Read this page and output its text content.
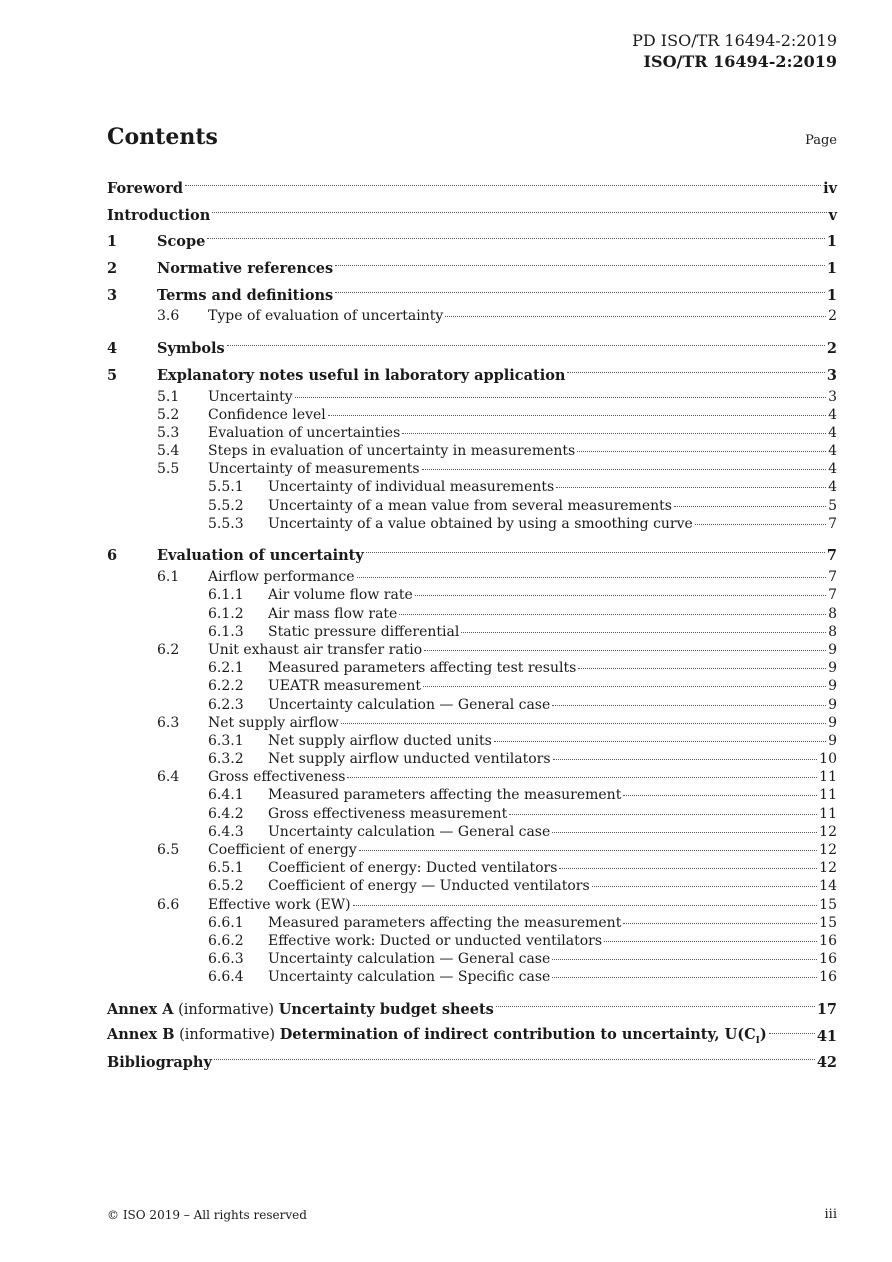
PD ISO/TR 16494-2:2019
ISO/TR 16494-2:2019
Contents	Page
Foreword	iv
Introduction	v
1	Scope	1
2	Normative references	1
3	Terms and definitions	1
3.6	Type of evaluation of uncertainty	2
4	Symbols	2
5	Explanatory notes useful in laboratory application	3
5.1	Uncertainty	3
5.2	Confidence level	4
5.3	Evaluation of uncertainties	4
5.4	Steps in evaluation of uncertainty in measurements	4
5.5	Uncertainty of measurements	4
5.5.1	Uncertainty of individual measurements	4
5.5.2	Uncertainty of a mean value from several measurements	5
5.5.3	Uncertainty of a value obtained by using a smoothing curve	7
6	Evaluation of uncertainty	7
6.1	Airflow performance	7
6.1.1	Air volume flow rate	7
6.1.2	Air mass flow rate	8
6.1.3	Static pressure differential	8
6.2	Unit exhaust air transfer ratio	9
6.2.1	Measured parameters affecting test results	9
6.2.2	UEATR measurement	9
6.2.3	Uncertainty calculation — General case	9
6.3	Net supply airflow	9
6.3.1	Net supply airflow ducted units	9
6.3.2	Net supply airflow unducted ventilators	10
6.4	Gross effectiveness	11
6.4.1	Measured parameters affecting the measurement	11
6.4.2	Gross effectiveness measurement	11
6.4.3	Uncertainty calculation — General case	12
6.5	Coefficient of energy	12
6.5.1	Coefficient of energy: Ducted ventilators	12
6.5.2	Coefficient of energy — Unducted ventilators	14
6.6	Effective work (EW)	15
6.6.1	Measured parameters affecting the measurement	15
6.6.2	Effective work: Ducted or unducted ventilators	16
6.6.3	Uncertainty calculation — General case	16
6.6.4	Uncertainty calculation — Specific case	16
Annex A (informative) Uncertainty budget sheets	17
Annex B (informative) Determination of indirect contribution to uncertainty, $U(C_I)$	41
Bibliography	42
© ISO 2019 – All rights reserved	iii
